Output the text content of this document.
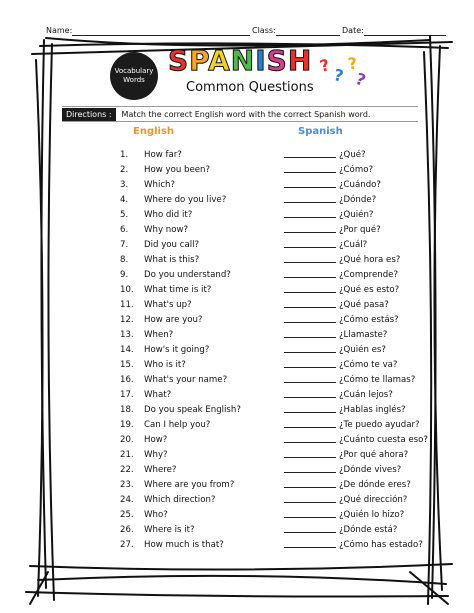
Name:	Class:	Date:
Vocabulary
Words
SPANISH
Common Questions
? ?
?
?
Directions :	Match the correct English word with the correct Spanish word.
English	Spanish
1.	How far?	¿Qué?
2.	How you been?	¿Cómo?
3.	Which?	¿Cuándo?
4.	Where do you live?	¿Dónde?
5.	Who did it?	¿Quién?
6.	Why now?	¿Por qué?
7.	Did you call?	¿Cuál?
8.	What is this?	¿Qué hora es?
9.	Do you understand?	¿Comprende?
10.	What time is it?	¿Qué es esto?
11.	What's up?	¿Qué pasa?
12.	How are you?	¿Cómo estás?
13.	When?	¿Llamaste?
14.	How's it going?	¿Quién es?
15.	Who is it?	¿Cómo te va?
16.	What's your name?	¿Cómo te llamas?
17.	What?	¿Cuán lejos?
18.	Do you speak English?	¿Hablas inglés?
19.	Can I help you?	¿Te puedo ayudar?
20.	How?	¿Cuánto cuesta eso?
21.	Why?	¿Por qué ahora?
22.	Where?	¿Dónde vives?
23.	Where are you from?	¿De dónde eres?
24.	Which direction?	¿Qué dirección?
25.	Who?	¿Quién lo hizo?
26.	Where is it?	¿Dónde está?
27.	How much is that?	¿Cómo has estado?
